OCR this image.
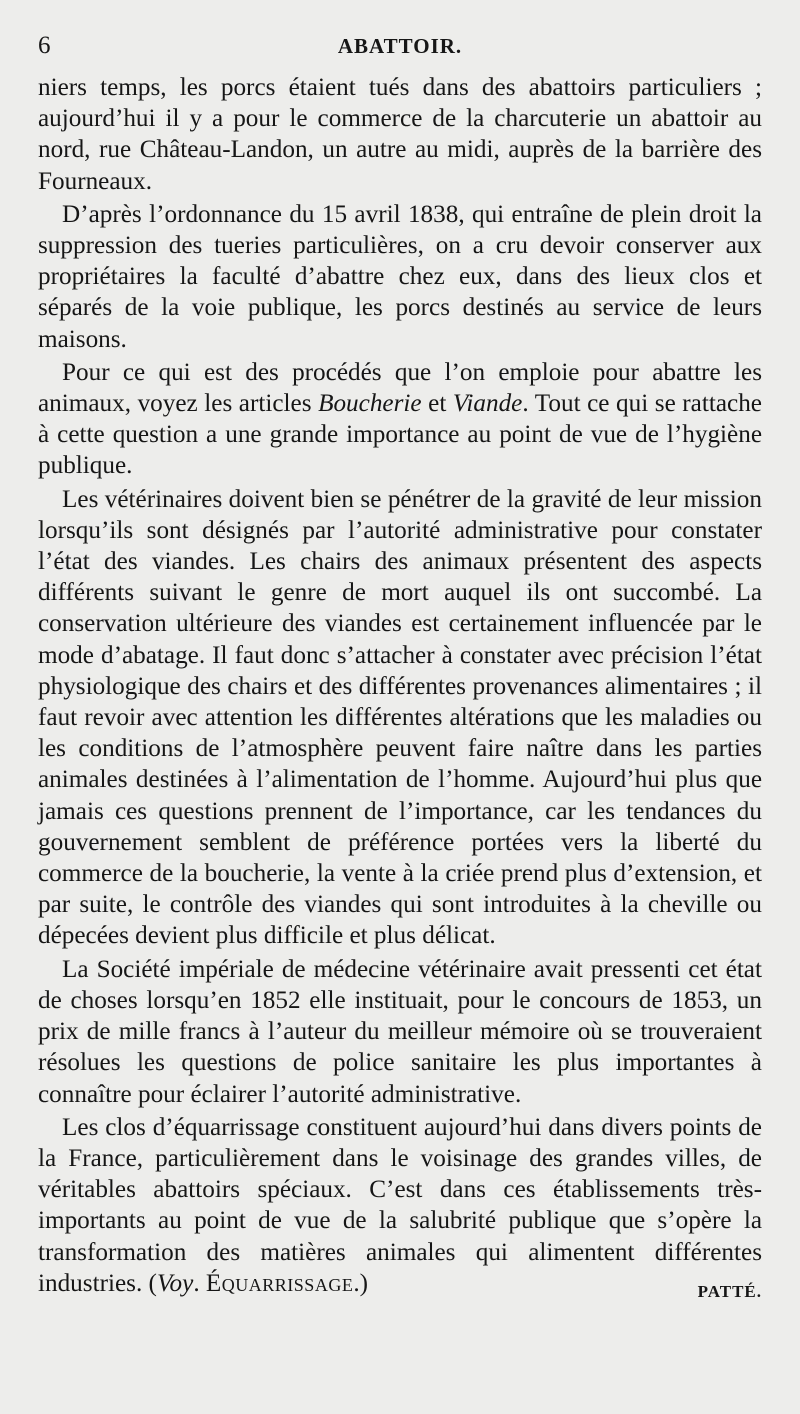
6	ABATTOIR.

niers temps, les porcs étaient tués dans des abattoirs particuliers ; aujourd’hui il y a pour le commerce de la charcuterie un abattoir au nord, rue Château-Landon, un autre au midi, auprès de la barrière des Fourneaux.

D’après l’ordonnance du 15 avril 1838, qui entraîne de plein droit la suppression des tueries particulières, on a cru devoir conserver aux propriétaires la faculté d’abattre chez eux, dans des lieux clos et séparés de la voie publique, les porcs destinés au service de leurs maisons.

Pour ce qui est des procédés que l’on emploie pour abattre les animaux, voyez les articles Boucherie et Viande. Tout ce qui se rattache à cette question a une grande importance au point de vue de l’hygiène publique.

Les vétérinaires doivent bien se pénétrer de la gravité de leur mission lorsqu’ils sont désignés par l’autorité administrative pour constater l’état des viandes. Les chairs des animaux présentent des aspects différents suivant le genre de mort auquel ils ont succombé. La conservation ultérieure des viandes est certainement influencée par le mode d’abatage. Il faut donc s’attacher à constater avec précision l’état physiologique des chairs et des différentes provenances alimentaires ; il faut revoir avec attention les différentes altérations que les maladies ou les conditions de l’atmosphère peuvent faire naître dans les parties animales destinées à l’alimentation de l’homme. Aujourd’hui plus que jamais ces questions prennent de l’importance, car les tendances du gouvernement semblent de préférence portées vers la liberté du commerce de la boucherie, la vente à la criée prend plus d’extension, et par suite, le contrôle des viandes qui sont introduites à la cheville ou dépecées devient plus difficile et plus délicat.

La Société impériale de médecine vétérinaire avait pressenti cet état de choses lorsqu’en 1852 elle instituait, pour le concours de 1853, un prix de mille francs à l’auteur du meilleur mémoire où se trouveraient résolues les questions de police sanitaire les plus importantes à connaître pour éclairer l’autorité administrative.

Les clos d’équarrissage constituent aujourd’hui dans divers points de la France, particulièrement dans le voisinage des grandes villes, de véritables abattoirs spéciaux. C’est dans ces établissements très-importants au point de vue de la salubrité publique que s’opère la transformation des matières animales qui alimentent différentes industries. (Voy. Équarrissage.)	PATTÉ.
